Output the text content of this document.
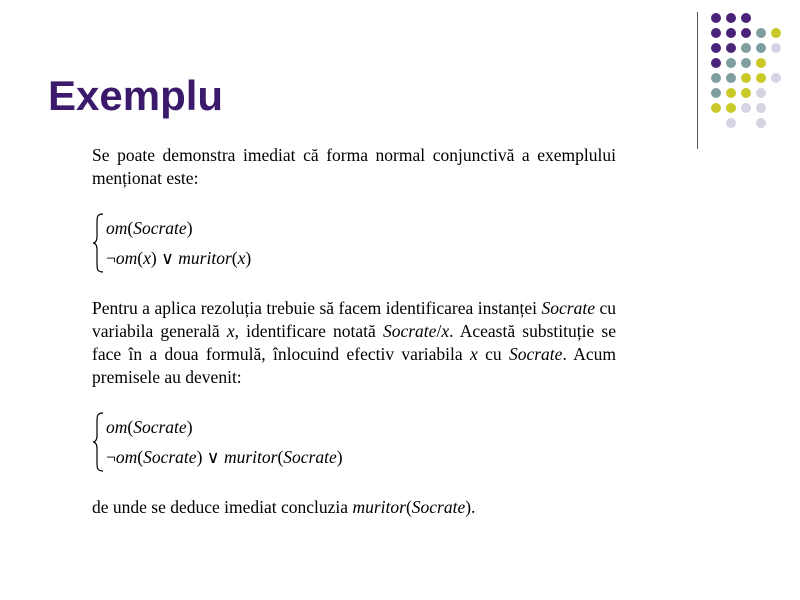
Exemplu

Se poate demonstra imediat că forma normal conjunctivă a exemplului menționat este:

om(Socrate)
¬om(x) ∨ muritor(x)

Pentru a aplica rezoluția trebuie să facem identificarea instanței Socrate cu variabila generală x, identificare notată Socrate/x. Această substituție se face în a doua formulă, înlocuind efectiv variabila x cu Socrate. Acum premisele au devenit:

om(Socrate)
¬om(Socrate) ∨ muritor(Socrate)

de unde se deduce imediat concluzia muritor(Socrate).
